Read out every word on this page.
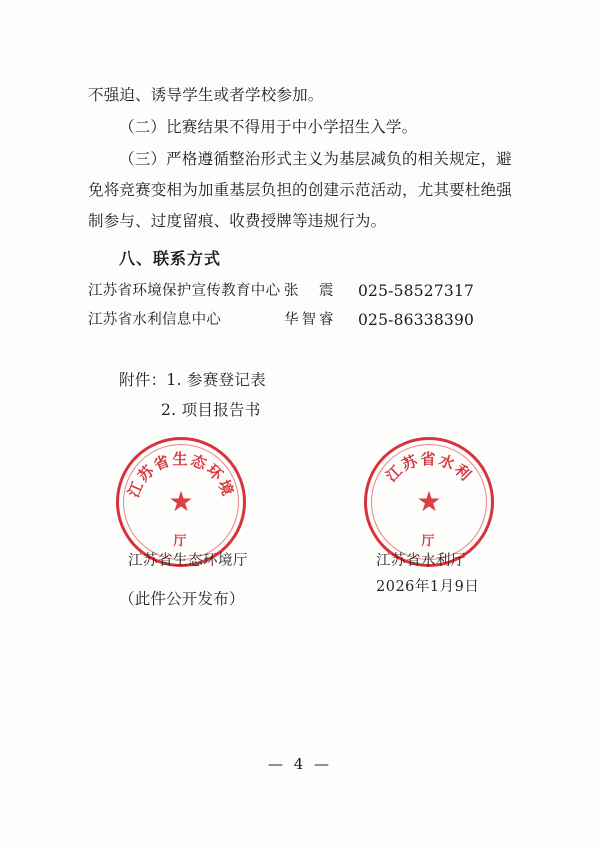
不强迫、诱导学生或者学校参加。

（二）比赛结果不得用于中小学招生入学。

（三）严格遵循整治形式主义为基层减负的相关规定，避免将竞赛变相为加重基层负担的创建示范活动，尤其要杜绝强制参与、过度留痕、收费授牌等违规行为。

八、联系方式
江苏省环境保护宣传教育中心 张　震	025-58527317
江苏省水利信息中心	华智睿	025-86338390
附件：1. 参赛登记表
2. 项目报告书
江苏省生态环境
厅
★
江苏省水利
厅
★
江苏省生态环境厅	江苏省水利厅
2026年1月9日
（此件公开发布）
— 4 —
